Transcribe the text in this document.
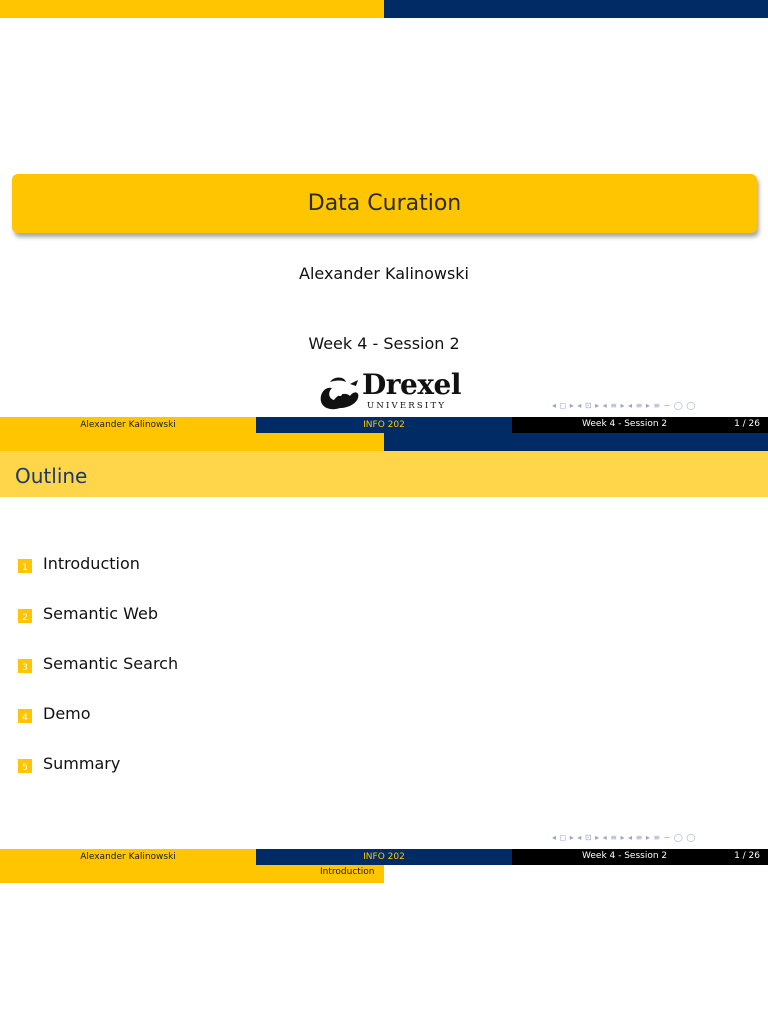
Data Curation
Alexander Kalinowski
Week 4 - Session 2
Drexel
UNIVERSITY	◂ ◻ ▸ ◂ ⊡ ▸ ◂ ≡ ▸ ◂ ≡ ▸ ≡ ∽ ◯ ◯
Alexander Kalinowski	INFO 202	Week 4 - Session 2	1 / 26
Outline
1 Introduction
2 Semantic Web
3 Semantic Search
4 Demo
5 Summary
◂ ◻ ▸ ◂ ⊡ ▸ ◂ ≡ ▸ ◂ ≡ ▸ ≡ ∽ ◯ ◯
Alexander Kalinowski	INFO 202	Week 4 - Session 2	1 / 26
Introduction
